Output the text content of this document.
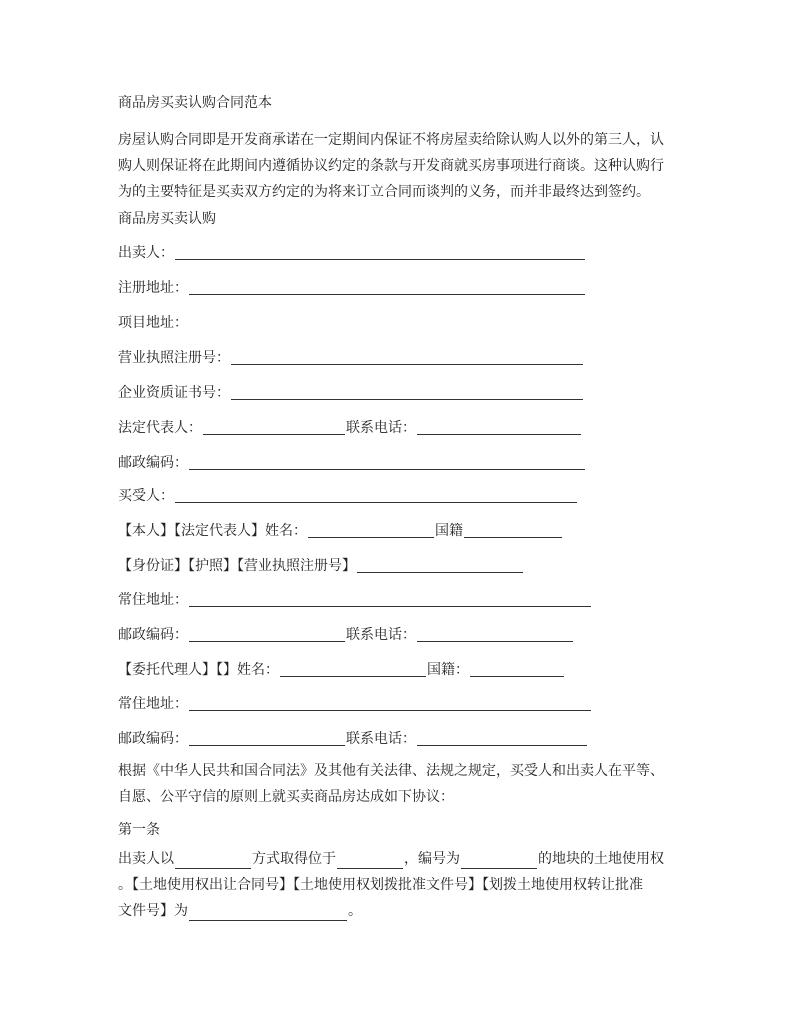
商品房买卖认购合同范本
房屋认购合同即是开发商承诺在一定期间内保证不将房屋卖给除认购人以外的第三人，认
购人则保证将在此期间内遵循协议约定的条款与开发商就买房事项进行商谈。这种认购行
为的主要特征是买卖双方约定的为将来订立合同而谈判的义务，而并非最终达到签约。
商品房买卖认购
出卖人：
注册地址：
项目地址：
营业执照注册号：
企业资质证书号：
法定代表人：	联系电话：
邮政编码：
买受人：
【本人】【法定代表人】姓名：	国籍
【身份证】【护照】【营业执照注册号】
常住地址：
邮政编码：	联系电话：
【委托代理人】【】姓名：	国籍：
常住地址：
邮政编码：	联系电话：
根据《中华人民共和国合同法》及其他有关法律、法规之规定，买受人和出卖人在平等、
自愿、公平守信的原则上就买卖商品房达成如下协议：
第一条
出卖人以	方式取得位于	，编号为	的地块的土地使用权
。【土地使用权出让合同号】【土地使用权划拨批准文件号】【划拨土地使用权转让批准
文件号】为	。
